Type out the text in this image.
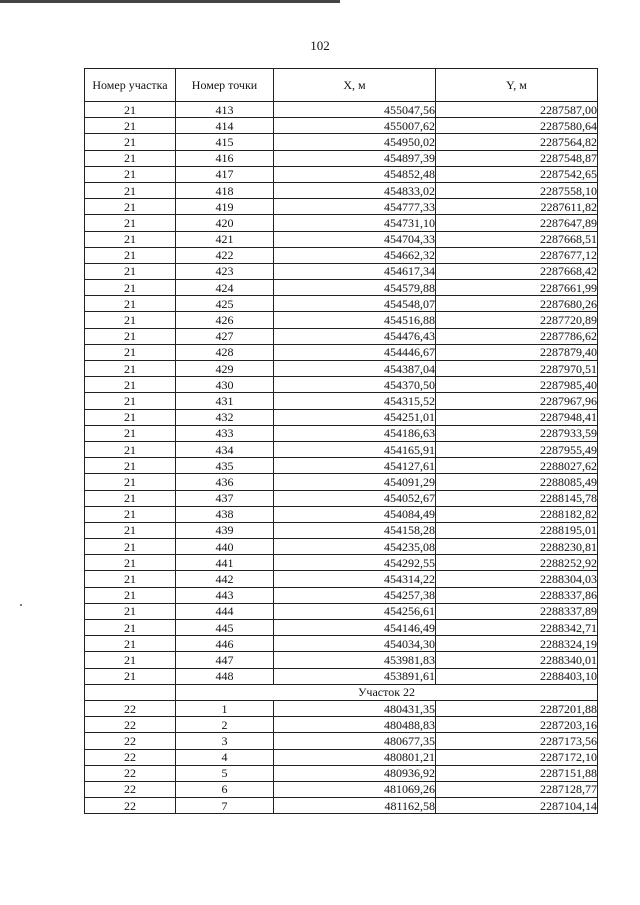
102
Номер участка	Номер точки	X, м	Y, м
21	413	455047,56	2287587,00
21	414	455007,62	2287580,64
21	415	454950,02	2287564,82
21	416	454897,39	2287548,87
21	417	454852,48	2287542,65
21	418	454833,02	2287558,10
21	419	454777,33	2287611,82
21	420	454731,10	2287647,89
21	421	454704,33	2287668,51
21	422	454662,32	2287677,12
21	423	454617,34	2287668,42
21	424	454579,88	2287661,99
21	425	454548,07	2287680,26
21	426	454516,88	2287720,89
21	427	454476,43	2287786,62
21	428	454446,67	2287879,40
21	429	454387,04	2287970,51
21	430	454370,50	2287985,40
21	431	454315,52	2287967,96
21	432	454251,01	2287948,41
21	433	454186,63	2287933,59
21	434	454165,91	2287955,49
21	435	454127,61	2288027,62
21	436	454091,29	2288085,49
21	437	454052,67	2288145,78
21	438	454084,49	2288182,82
21	439	454158,28	2288195,01
21	440	454235,08	2288230,81
21	441	454292,55	2288252,92
21	442	454314,22	2288304,03
21	443	454257,38	2288337,86
21	444	454256,61	2288337,89
21	445	454146,49	2288342,71
21	446	454034,30	2288324,19
21	447	453981,83	2288340,01
21	448	453891,61	2288403,10
	Участок 22		
22	1	480431,35	2287201,88
22	2	480488,83	2287203,16
22	3	480677,35	2287173,56
22	4	480801,21	2287172,10
22	5	480936,92	2287151,88
22	6	481069,26	2287128,77
22	7	481162,58	2287104,14
